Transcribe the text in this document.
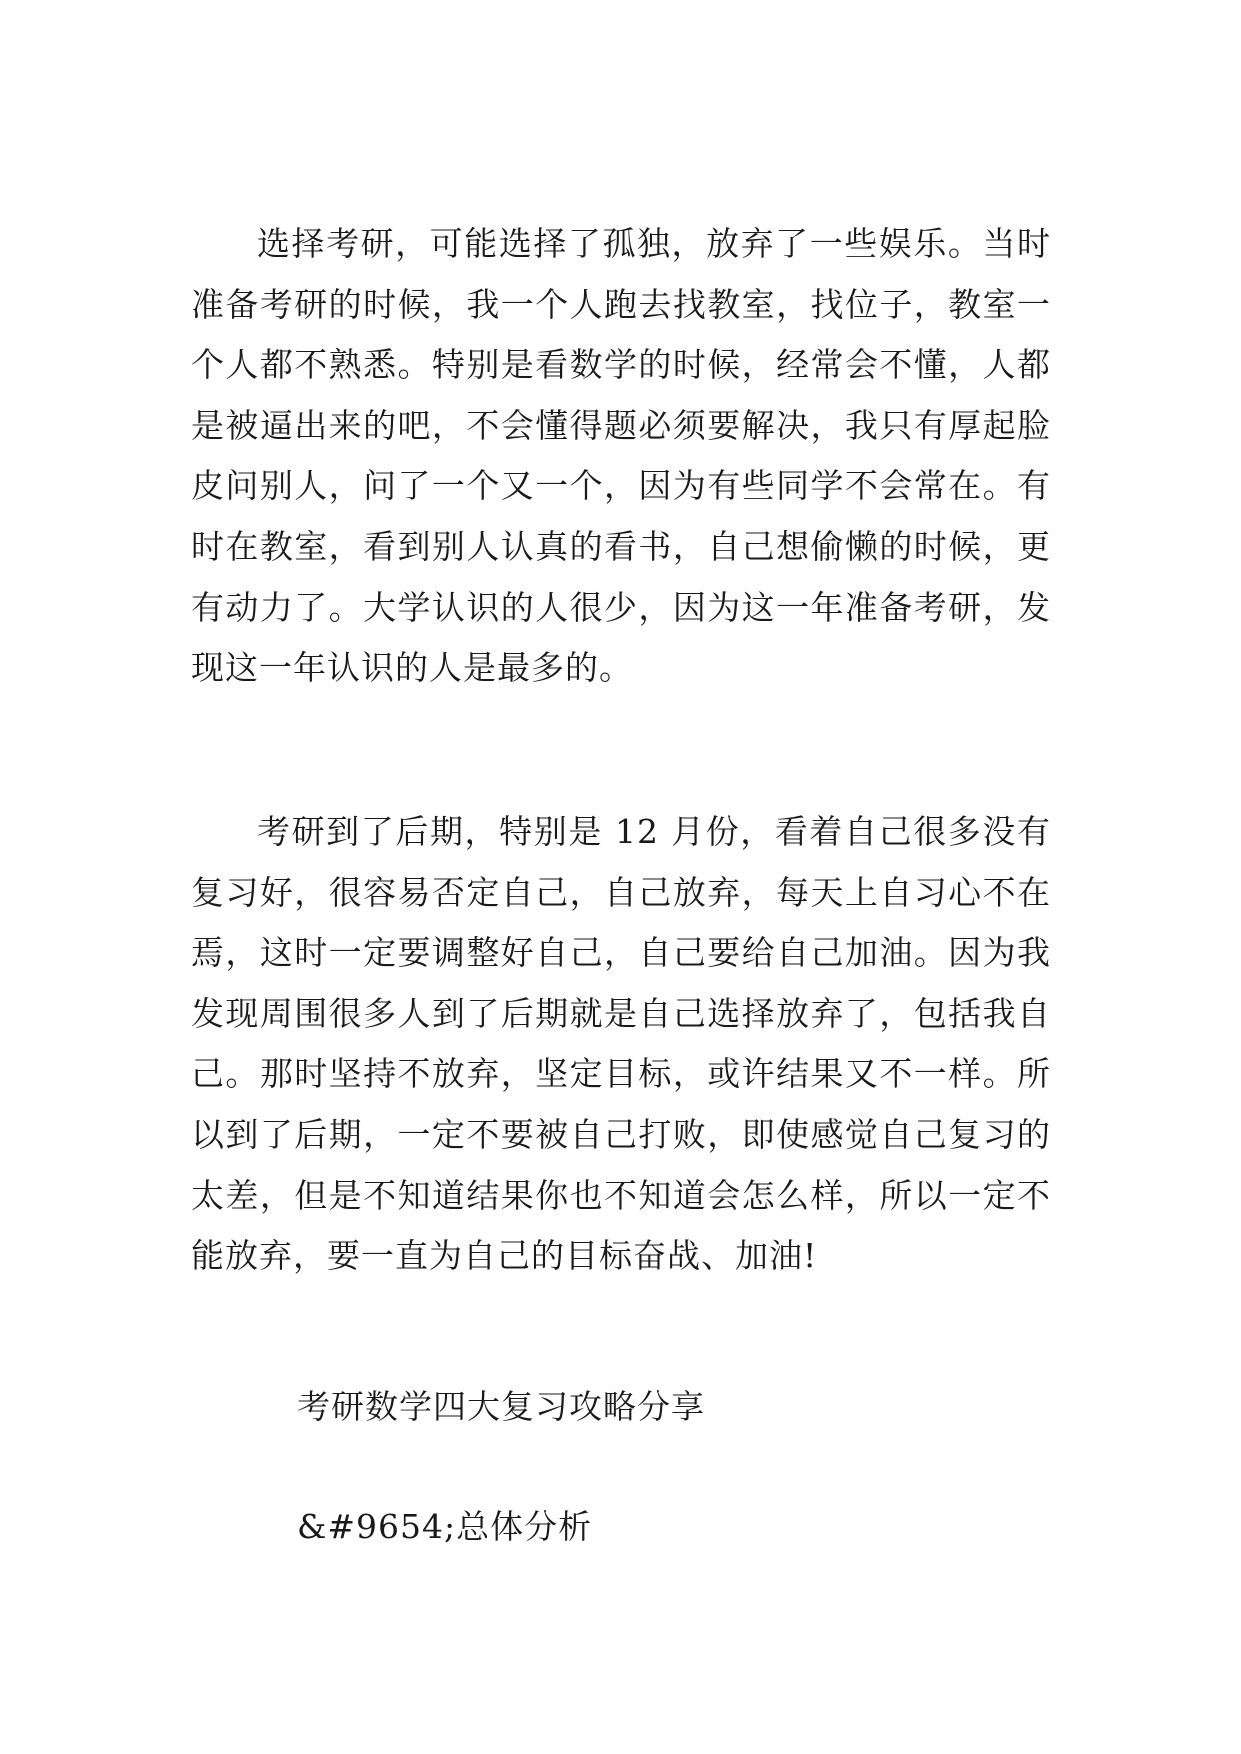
选择考研，可能选择了孤独，放弃了一些娱乐。当时准备考研的时候，我一个人跑去找教室，找位子，教室一个人都不熟悉。特别是看数学的时候，经常会不懂，人都是被逼出来的吧，不会懂得题必须要解决，我只有厚起脸皮问别人，问了一个又一个，因为有些同学不会常在。有时在教室，看到别人认真的看书，自己想偷懒的时候，更有动力了。大学认识的人很少，因为这一年准备考研，发现这一年认识的人是最多的。

考研到了后期，特别是 12 月份，看着自己很多没有复习好，很容易否定自己，自己放弃，每天上自习心不在焉，这时一定要调整好自己，自己要给自己加油。因为我发现周围很多人到了后期就是自己选择放弃了，包括我自己。那时坚持不放弃，坚定目标，或许结果又不一样。所以到了后期，一定不要被自己打败，即使感觉自己复习的太差，但是不知道结果你也不知道会怎么样，所以一定不能放弃，要一直为自己的目标奋战、加油!

考研数学四大复习攻略分享

&#9654;总体分析
